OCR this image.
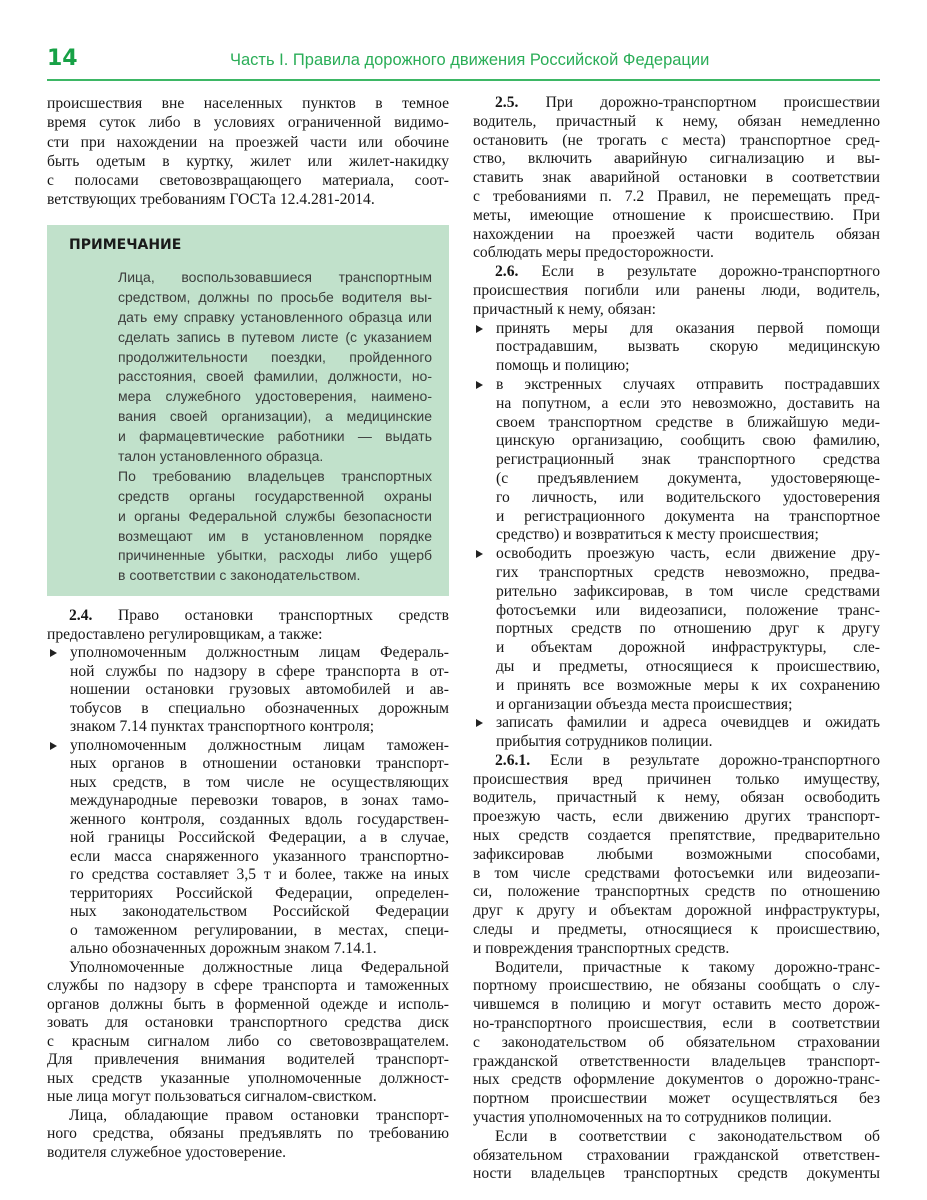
14	Часть I. Правила дорожного движения Российской Федерации
происшествия вне населенных пунктов в темное
время суток либо в условиях ограниченной видимо-
сти при нахождении на проезжей части или обочине
быть одетым в куртку, жилет или жилет-накидку
с полосами световозвращающего материала, соот-
ветствующих требованиям ГОСТа 12.4.281-2014.
ПРИМЕЧАНИЕ
Лица, воспользовавшиеся транспортным
средством, должны по просьбе водителя вы-
дать ему справку установленного образца или
сделать запись в путевом листе (с указанием
продолжительности поездки, пройденного
расстояния, своей фамилии, должности, но-
мера служебного удостоверения, наимено-
вания своей организации), а медицинские
и фармацевтические работники — выдать
талон установленного образца.
По требованию владельцев транспортных
средств органы государственной охраны
и органы Федеральной службы безопасности
возмещают им в установленном порядке
причиненные убытки, расходы либо ущерб
в соответствии с законодательством.
2.4. Право остановки транспортных средств
предоставлено регулировщикам, а также:
уполномоченным должностным лицам Федераль-
ной службы по надзору в сфере транспорта в от-
ношении остановки грузовых автомобилей и ав-
тобусов в специально обозначенных дорожным
знаком 7.14 пунктах транспортного контроля;
уполномоченным должностным лицам таможен-
ных органов в отношении остановки транспорт-
ных средств, в том числе не осуществляющих
международные перевозки товаров, в зонах тамо-
женного контроля, созданных вдоль государствен-
ной границы Российской Федерации, а в случае,
если масса снаряженного указанного транспортно-
го средства составляет 3,5 т и более, также на иных
территориях Российской Федерации, определен-
ных законодательством Российской Федерации
о таможенном регулировании, в местах, специ-
ально обозначенных дорожным знаком 7.14.1.
Уполномоченные должностные лица Федеральной
службы по надзору в сфере транспорта и таможенных
органов должны быть в форменной одежде и исполь-
зовать для остановки транспортного средства диск
с красным сигналом либо со световозвращателем.
Для привлечения внимания водителей транспорт-
ных средств указанные уполномоченные должност-
ные лица могут пользоваться сигналом-свистком.
Лица, обладающие правом остановки транспорт-
ного средства, обязаны предъявлять по требованию
водителя служебное удостоверение.
2.5. При дорожно-транспортном происшествии
водитель, причастный к нему, обязан немедленно
остановить (не трогать с места) транспортное сред-
ство, включить аварийную сигнализацию и вы-
ставить знак аварийной остановки в соответствии
с требованиями п. 7.2 Правил, не перемещать пред-
меты, имеющие отношение к происшествию. При
нахождении на проезжей части водитель обязан
соблюдать меры предосторожности.
2.6. Если в результате дорожно-транспортного
происшествия погибли или ранены люди, водитель,
причастный к нему, обязан:
принять меры для оказания первой помощи
пострадавшим, вызвать скорую медицинскую
помощь и полицию;
в экстренных случаях отправить пострадавших
на попутном, а если это невозможно, доставить на
своем транспортном средстве в ближайшую меди-
цинскую организацию, сообщить свою фамилию,
регистрационный знак транспортного средства
(с предъявлением документа, удостоверяюще-
го личность, или водительского удостоверения
и регистрационного документа на транспортное
средство) и возвратиться к месту происшествия;
освободить проезжую часть, если движение дру-
гих транспортных средств невозможно, предва-
рительно зафиксировав, в том числе средствами
фотосъемки или видеозаписи, положение транс-
портных средств по отношению друг к другу
и объектам дорожной инфраструктуры, сле-
ды и предметы, относящиеся к происшествию,
и принять все возможные меры к их сохранению
и организации объезда места происшествия;
записать фамилии и адреса очевидцев и ожидать
прибытия сотрудников полиции.
2.6.1. Если в результате дорожно-транспортного
происшествия вред причинен только имуществу,
водитель, причастный к нему, обязан освободить
проезжую часть, если движению других транспорт-
ных средств создается препятствие, предварительно
зафиксировав любыми возможными способами,
в том числе средствами фотосъемки или видеозапи-
си, положение транспортных средств по отношению
друг к другу и объектам дорожной инфраструктуры,
следы и предметы, относящиеся к происшествию,
и повреждения транспортных средств.
Водители, причастные к такому дорожно-транс-
портному происшествию, не обязаны сообщать о слу-
чившемся в полицию и могут оставить место дорож-
но-транспортного происшествия, если в соответствии
с законодательством об обязательном страховании
гражданской ответственности владельцев транспорт-
ных средств оформление документов о дорожно-транс-
портном происшествии может осуществляться без
участия уполномоченных на то сотрудников полиции.
Если в соответствии с законодательством об
обязательном страховании гражданской ответствен-
ности владельцев транспортных средств документы
